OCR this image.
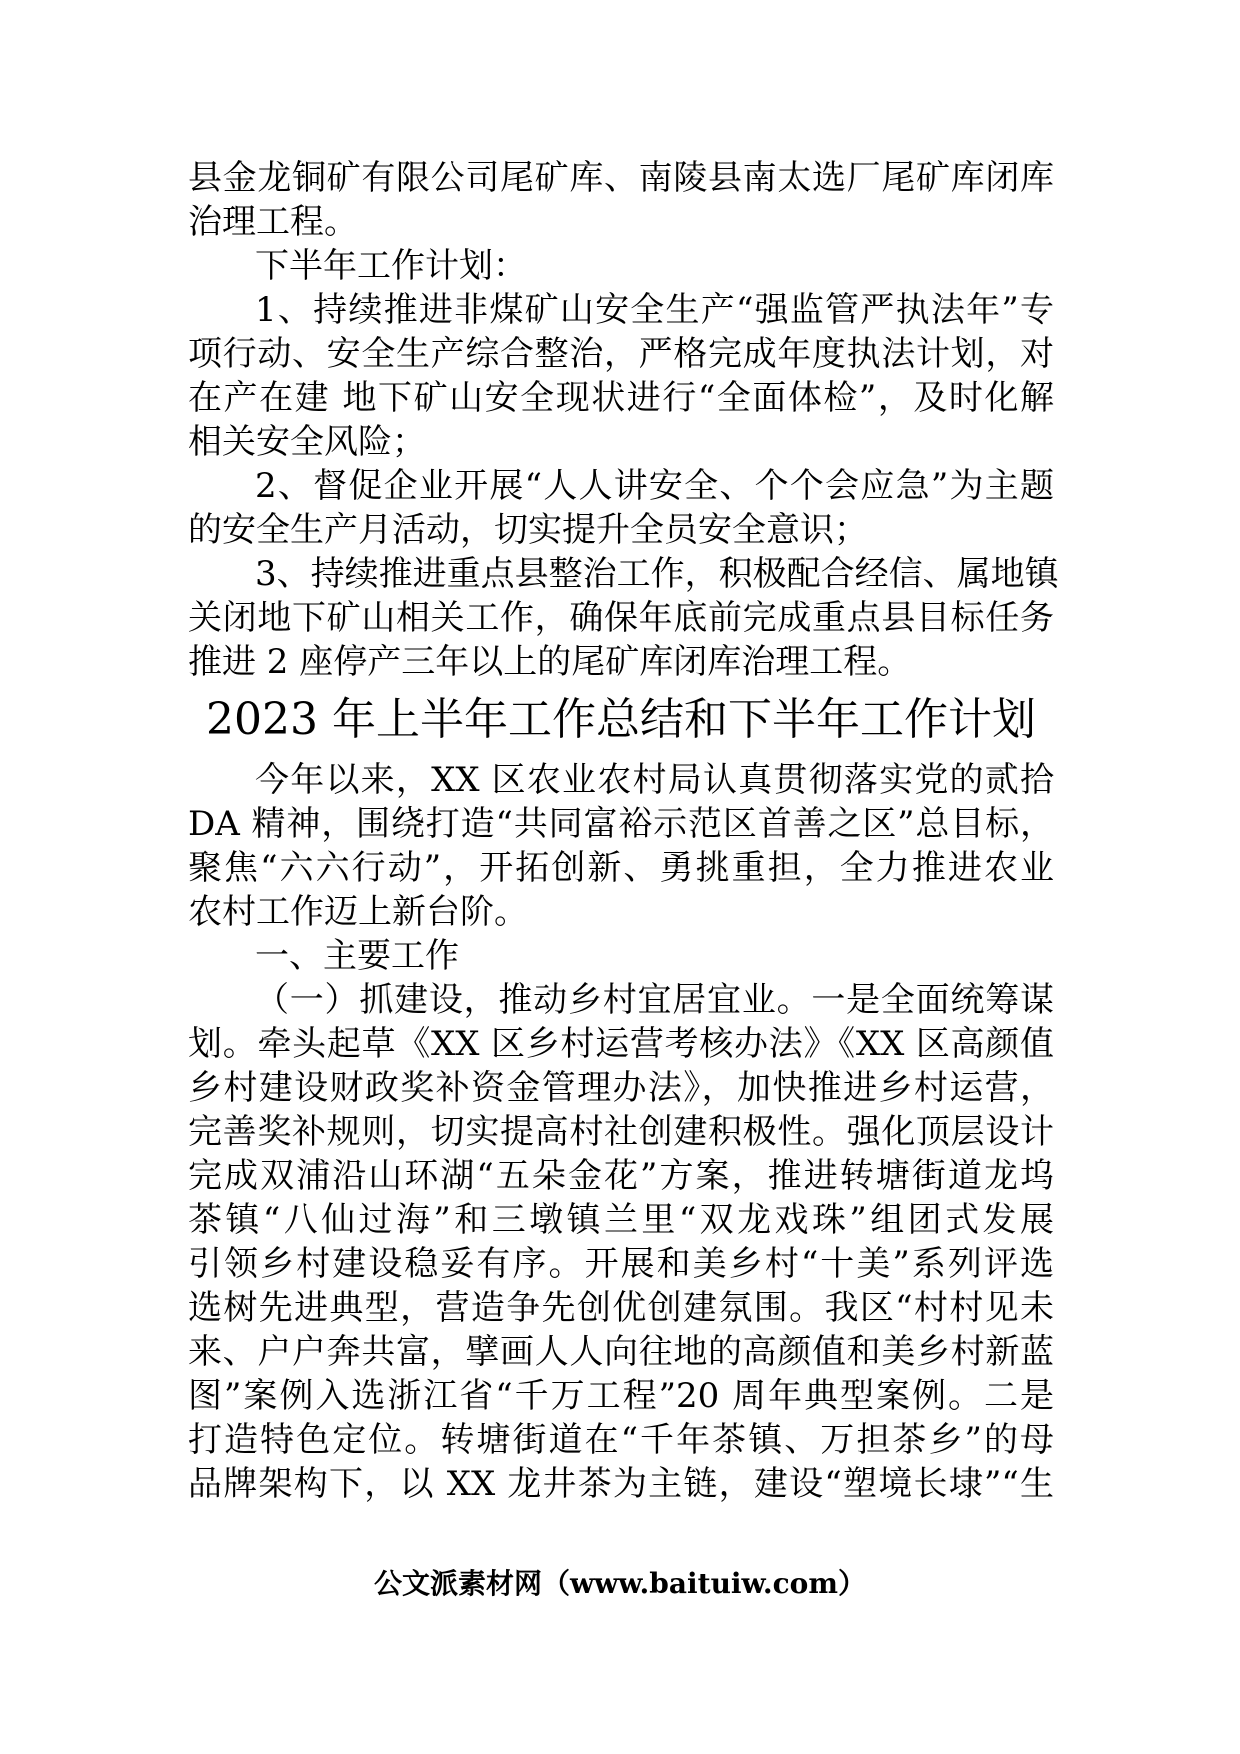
县金龙铜矿有限公司尾矿库、南陵县南太选厂尾矿库闭库
治理工程。
下半年工作计划：
1、持续推进非煤矿山安全生产“强监管严执法年”专
项行动、安全生产综合整治，严格完成年度执法计划，对
在产在建 地下矿山安全现状进行“全面体检”，及时化解
相关安全风险；
2、督促企业开展“人人讲安全、个个会应急”为主题
的安全生产月活动，切实提升全员安全意识；
3、持续推进重点县整治工作，积极配合经信、属地镇
关闭地下矿山相关工作，确保年底前完成重点县目标任务
推进 2 座停产三年以上的尾矿库闭库治理工程。
2023 年上半年工作总结和下半年工作计划
今年以来，XX 区农业农村局认真贯彻落实党的贰拾
DA 精神，围绕打造“共同富裕示范区首善之区”总目标，
聚焦“六六行动”，开拓创新、勇挑重担，全力推进农业
农村工作迈上新台阶。
一、主要工作
（一）抓建设，推动乡村宜居宜业。一是全面统筹谋
划。牵头起草《XX 区乡村运营考核办法》《XX 区高颜值
乡村建设财政奖补资金管理办法》，加快推进乡村运营，
完善奖补规则，切实提高村社创建积极性。强化顶层设计
完成双浦沿山环湖“五朵金花”方案，推进转塘街道龙坞
茶镇“八仙过海”和三墩镇兰里“双龙戏珠”组团式发展
引领乡村建设稳妥有序。开展和美乡村“十美”系列评选
选树先进典型，营造争先创优创建氛围。我区“村村见未
来、户户奔共富，擘画人人向往地的高颜值和美乡村新蓝
图”案例入选浙江省“千万工程”20 周年典型案例。二是
打造特色定位。转塘街道在“千年茶镇、万担茶乡”的母
品牌架构下，以 XX 龙井茶为主链，建设“塑境长埭”“生
公文派素材网（www.baituiw.com）
